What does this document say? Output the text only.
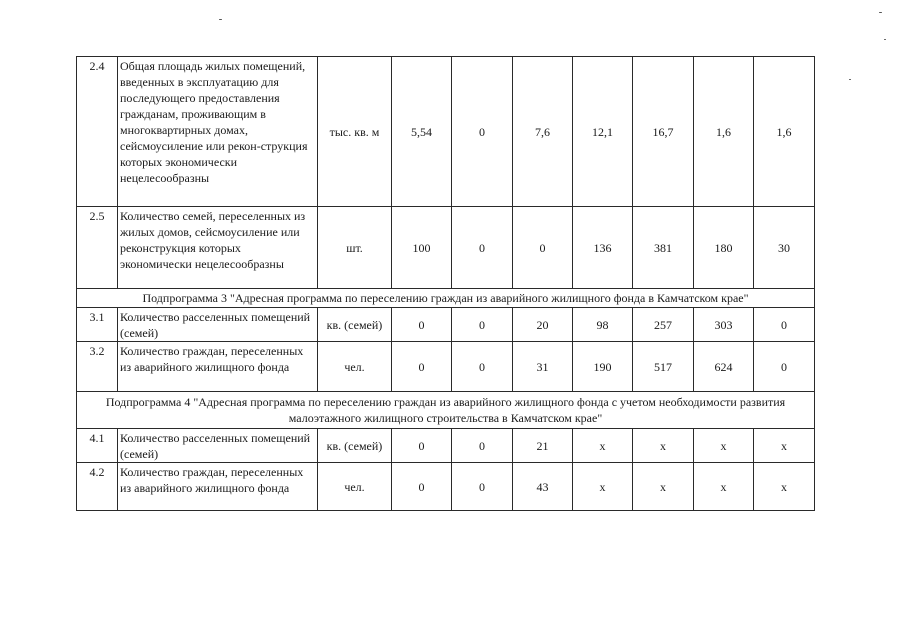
2.4	Общая площадь жилых помещений, введенных в эксплуатацию для последующего предоставления гражданам, проживающим в многоквартирных домах, сейсмоусиление или рекон-струкция которых экономически нецелесообразны	тыс. кв. м	5,54	0	7,6	12,1	16,7	1,6	1,6
2.5	Количество семей, переселенных из жилых домов, сейсмоусиление или реконструкция которых экономически нецелесообразны	шт.	100	0	0	136	381	180	30
Подпрограмма 3 "Адресная программа по переселению граждан из аварийного жилищного фонда в Камчатском крае"									
3.1	Количество расселенных помещений (семей)	кв. (семей)	0	0	20	98	257	303	0
3.2	Количество граждан, переселенных из аварийного жилищного фонда	чел.	0	0	31	190	517	624	0
Подпрограмма 4 "Адресная программа по переселению граждан из аварийного жилищного фонда с учетом необходимости развития малоэтажного жилищного строительства в Камчатском крае"									
4.1	Количество расселенных помещений (семей)	кв. (семей)	0	0	21	х	х	х	х
4.2	Количество граждан, переселенных из аварийного жилищного фонда	чел.	0	0	43	х	х	х	х
